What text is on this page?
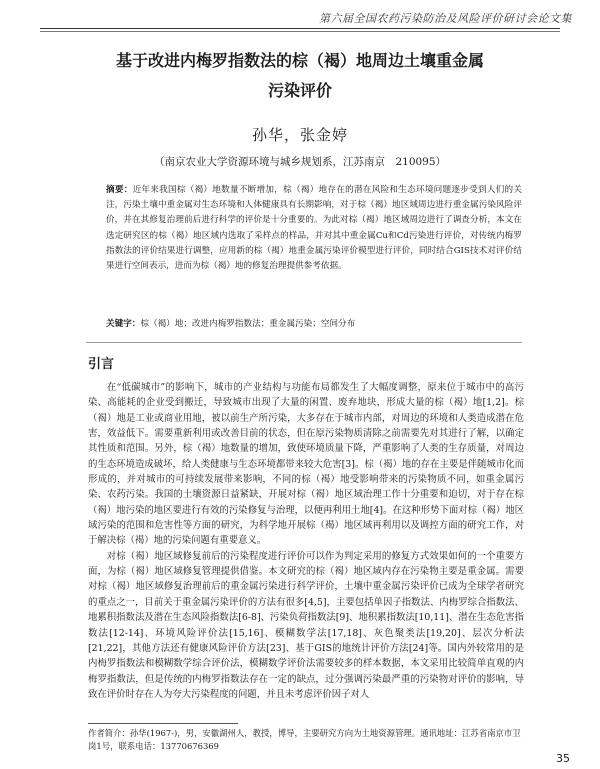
第六届全国农药污染防治及风险评价研讨会论文集
基于改进内梅罗指数法的棕（褐）地周边土壤重金属
污染评价
孙华，张金婷
（南京农业大学资源环境与城乡规划系，江苏南京　210095）
摘要：近年来我国棕（褐）地数量不断增加，棕（褐）地存在的潜在风险和生态环境问题逐步受到人们的关注，污染土壤中重金属对生态环境和人体健康具有长期影响，对于棕（褐）地区域周边进行重金属污染风险评价，并在其修复治理前后进行科学的评价是十分重要的。为此对棕（褐）地区域周边进行了调查分析，本文在选定研究区的棕（褐）地区域内选取了采样点的样品，并对其中重金属Cu和Cd污染进行评价，对传统内梅罗指数法的评价结果进行调整，应用新的棕（褐）地重金属污染评价模型进行评价，同时结合GIS技术对评价结果进行空间表示，进而为棕（褐）地的修复治理提供参考依据。
关键字：棕（褐）地；改进内梅罗指数法；重金属污染；空间分布
引言

在“低碳城市”的影响下，城市的产业结构与功能布局都发生了大幅度调整，原来位于城市中的高污染、高能耗的企业受到搬迁，导致城市出现了大量的闲置、废弃地块，形成大量的棕（褐）地[1,2]。棕（褐）地是工业或商业用地，被以前生产所污染，大多存在于城市内部，对周边的环境和人类造成潜在危害，效益低下。需要重新利用或改善目前的状态，但在原污染物质清除之前需要先对其进行了解，以确定其性质和范围。另外，棕（褐）地数量的增加，致使环境质量下降，严重影响了人类的生存质量，对周边的生态环境造成破坏，给人类健康与生态环境都带来较大危害[3]。棕（褐）地的存在主要是伴随城市化而形成的，并对城市的可持续发展带来影响，不同的棕（褐）地受影响带来的污染物质不同，如重金属污染、农药污染。我国的土壤资源日益紧缺，开展对棕（褐）地区域治理工作十分重要和迫切，对于存在棕（褐）地污染的地区要进行有效的污染修复与治理，以便再利用土地[4]。在这种形势下面对棕（褐）地区域污染的范围和危害性等方面的研究，为科学地开展棕（褐）地区域再利用以及调控方面的研究工作，对于解决棕（褐）地的污染问题有重要意义。

对棕（褐）地区域修复前后的污染程度进行评价可以作为判定采用的修复方式效果如何的一个重要方面，为棕（褐）地区域修复管理提供借鉴。本文研究的棕（褐）地区域内存在污染物主要是重金属。需要对棕（褐）地区域修复治理前后的重金属污染进行科学评价，土壤中重金属污染评价已成为全球学者研究的重点之一，目前关于重金属污染评价的方法有很多[4,5]，主要包括单因子指数法、内梅罗综合指数法、地累积指数法及潜在生态风险指数法[6-8]、污染负荷指数法[9]、地积累指数法[10,11]、潜在生态危害指数法[12-14]、环境风险评价法[15,16]、模糊数学法[17,18]、灰色聚类法[19,20]、层次分析法[21,22]，其他方法还有健康风险评价方法[23]、基于GIS的地统计评价方法[24]等。国内外较常用的是内梅罗指数法和模糊数学综合评价法，模糊数学评价法需要较多的样本数据，本文采用比较简单直观的内梅罗指数法，但是传统的内梅罗指数法存在一定的缺点，过分强调污染最严重的污染物对评价的影响，导致在评价时存在人为夸大污染程度的问题，并且未考虑评价因子对人

作者简介：孙华(1967-)，男，安徽湖州人，教授，博导，主要研究方向为土地资源管理。通讯地址：江苏省南京市卫岗1号，联系电话：13770676369
35
